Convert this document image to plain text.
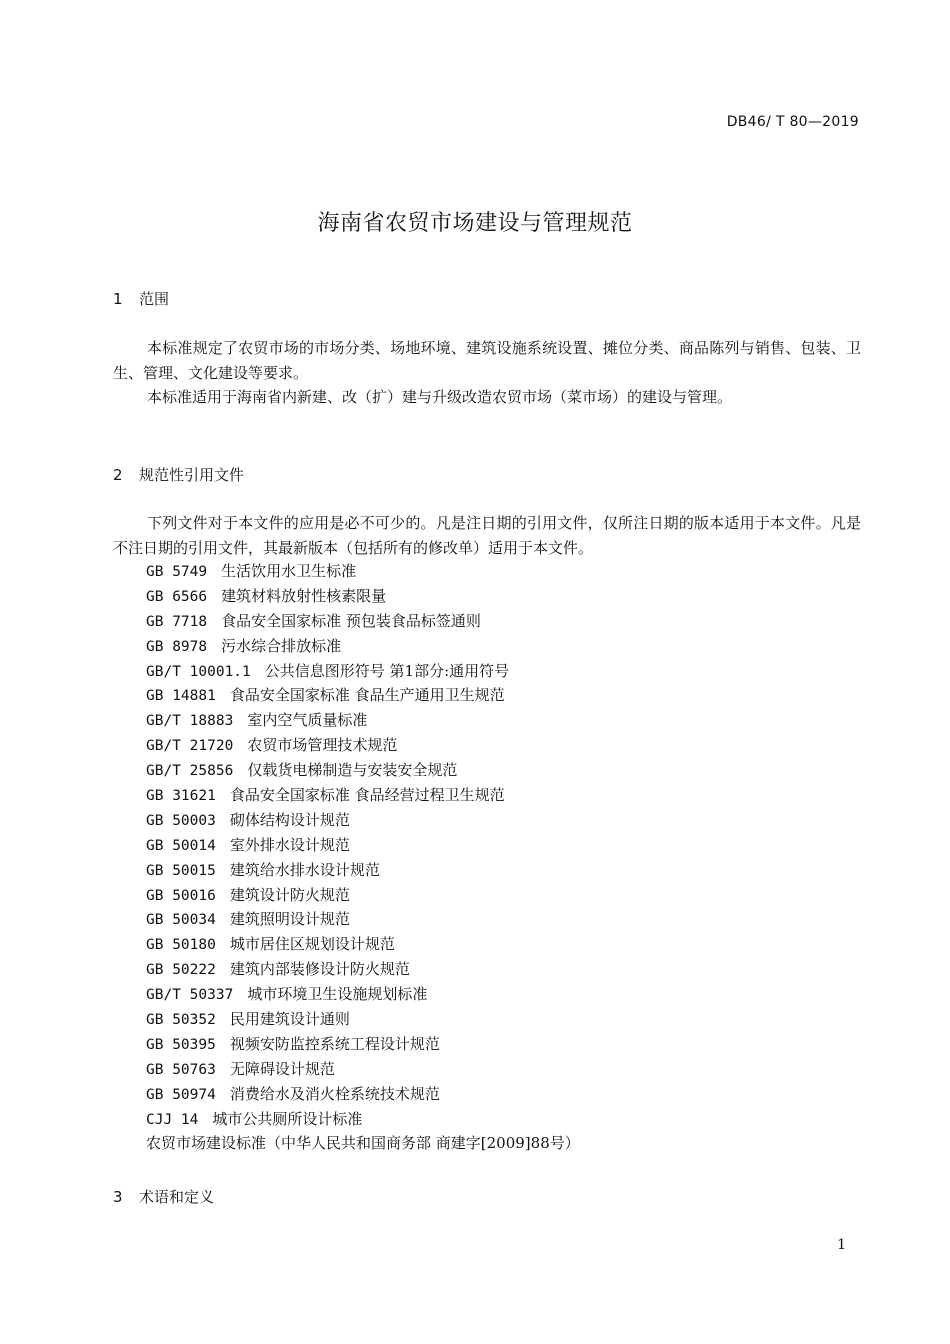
DB46/ T 80—2019
海南省农贸市场建设与管理规范
1 范围

本标准规定了农贸市场的市场分类、场地环境、建筑设施系统设置、摊位分类、商品陈列与销售、包装、卫生、管理、文化建设等要求。

本标准适用于海南省内新建、改（扩）建与升级改造农贸市场（菜市场）的建设与管理。

2 规范性引用文件

下列文件对于本文件的应用是必不可少的。凡是注日期的引用文件，仅所注日期的版本适用于本文件。凡是不注日期的引用文件，其最新版本（包括所有的修改单）适用于本文件。

GB 5749 生活饮用水卫生标准
GB 6566 建筑材料放射性核素限量
GB 7718 食品安全国家标准 预包装食品标签通则
GB 8978 污水综合排放标准
GB/T 10001.1 公共信息图形符号 第1部分:通用符号
GB 14881 食品安全国家标准 食品生产通用卫生规范
GB/T 18883 室内空气质量标准
GB/T 21720 农贸市场管理技术规范
GB/T 25856 仅载货电梯制造与安装安全规范
GB 31621 食品安全国家标准 食品经营过程卫生规范
GB 50003 砌体结构设计规范
GB 50014 室外排水设计规范
GB 50015 建筑给水排水设计规范
GB 50016 建筑设计防火规范
GB 50034 建筑照明设计规范
GB 50180 城市居住区规划设计规范
GB 50222 建筑内部装修设计防火规范
GB/T 50337 城市环境卫生设施规划标准
GB 50352 民用建筑设计通则
GB 50395 视频安防监控系统工程设计规范
GB 50763 无障碍设计规范
GB 50974 消费给水及消火栓系统技术规范
CJJ 14 城市公共厕所设计标准
农贸市场建设标准（中华人民共和国商务部 商建字[2009]88号）
3 术语和定义
1
